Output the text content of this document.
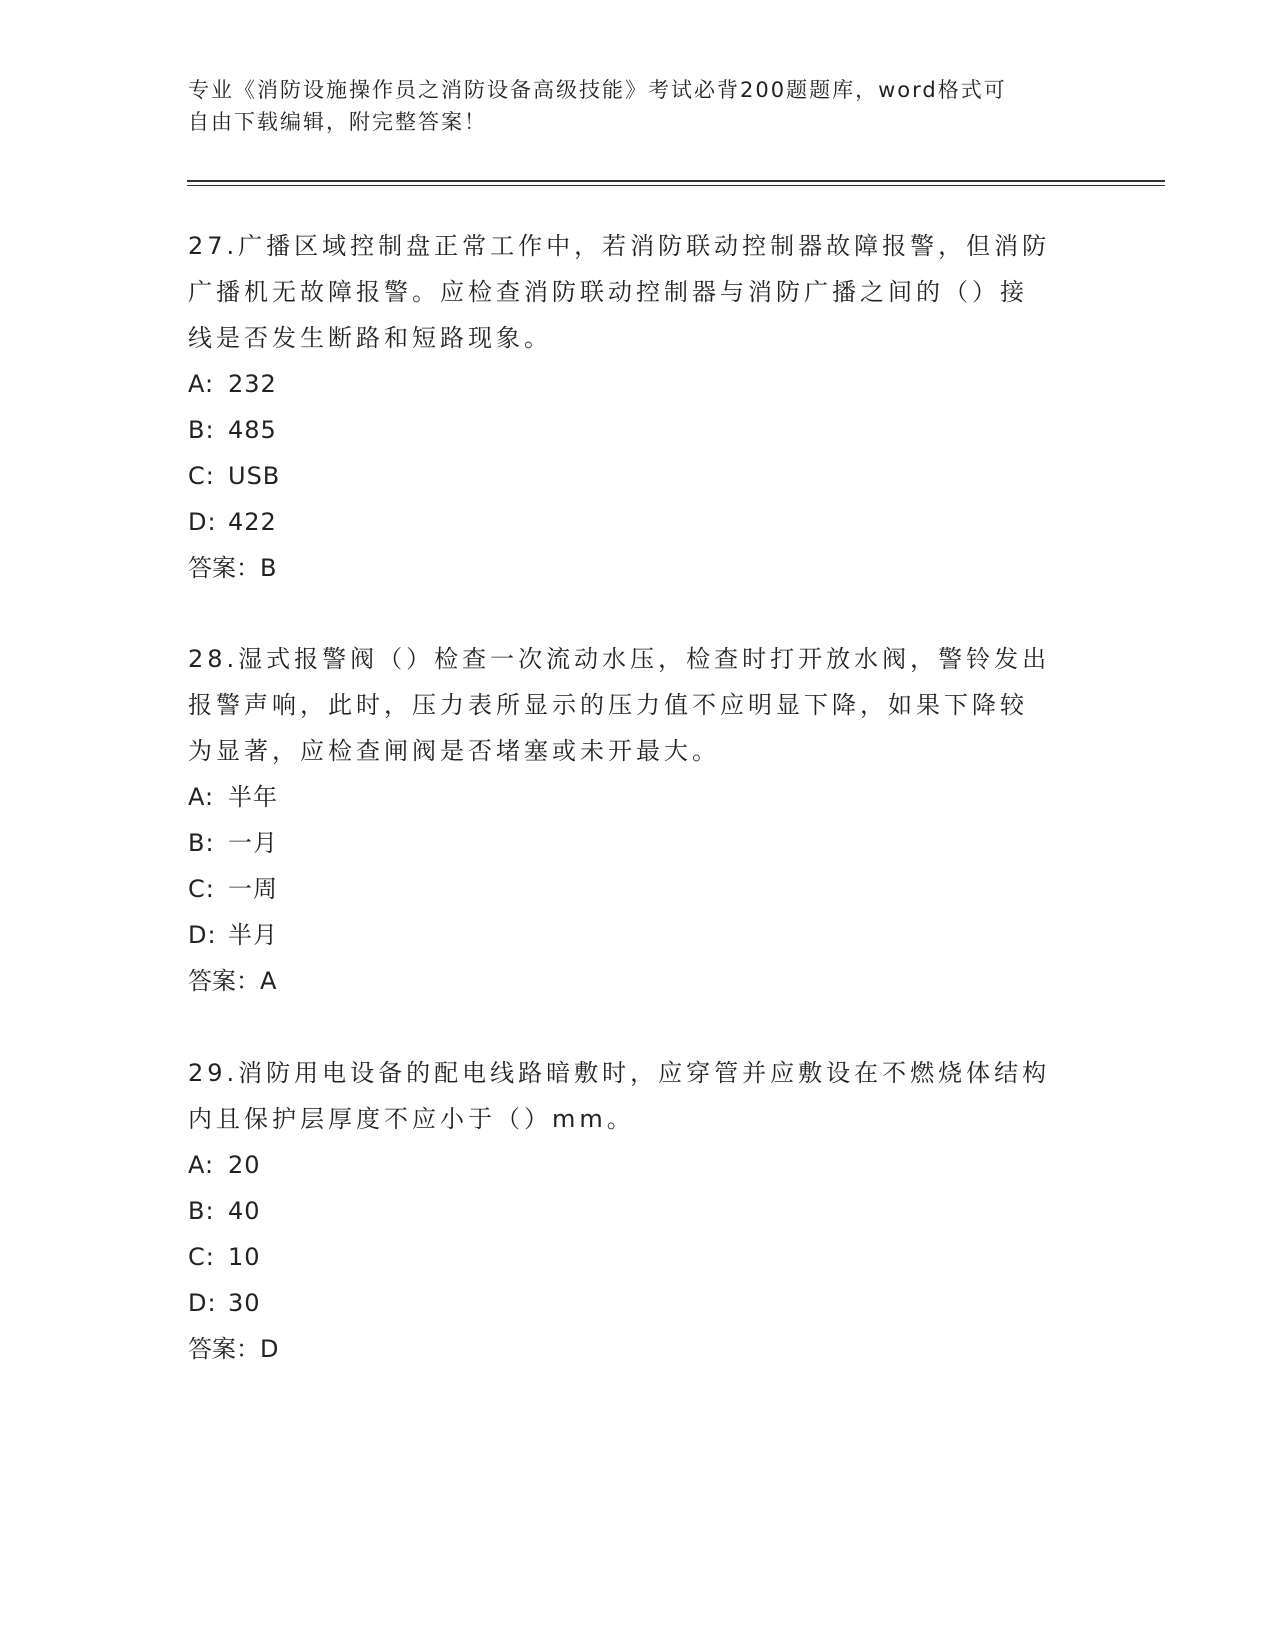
专业《消防设施操作员之消防设备高级技能》考试必背200题题库，word格式可
自由下载编辑，附完整答案！

27.广播区域控制盘正常工作中，若消防联动控制器故障报警，但消防

广播机无故障报警。应检查消防联动控制器与消防广播之间的（）接

线是否发生断路和短路现象。

A: 232

B: 485

C: USB

D: 422

答案：B

28.湿式报警阀（）检查一次流动水压，检查时打开放水阀，警铃发出

报警声响，此时，压力表所显示的压力值不应明显下降，如果下降较

为显著，应检查闸阀是否堵塞或未开最大。

A: 半年

B: 一月

C: 一周

D: 半月

答案：A

29.消防用电设备的配电线路暗敷时，应穿管并应敷设在不燃烧体结构

内且保护层厚度不应小于（）mm。

A: 20

B: 40

C: 10

D: 30

答案：D
